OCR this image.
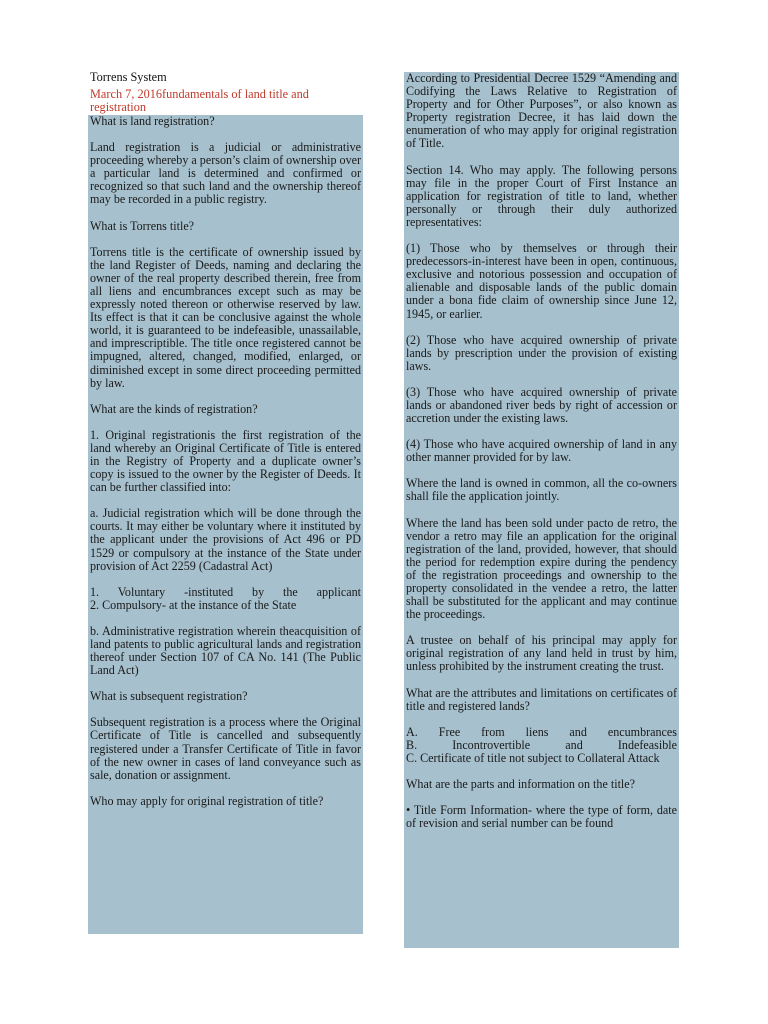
Torrens System

March 7, 2016fundamentals of land title and registration

What is land registration?

Land registration is a judicial or administrative proceeding whereby a person’s claim of ownership over a particular land is determined and confirmed or recognized so that such land and the ownership thereof may be recorded in a public registry.

What is Torrens title?

Torrens title is the certificate of ownership issued by the land Register of Deeds, naming and declaring the owner of the real property described therein, free from all liens and encumbrances except such as may be expressly noted thereon or otherwise reserved by law. Its effect is that it can be conclusive against the whole world, it is guaranteed to be indefeasible, unassailable, and imprescriptible. The title once registered cannot be impugned, altered, changed, modified, enlarged, or diminished except in some direct proceeding permitted by law.

What are the kinds of registration?

1. Original registrationis the first registration of the land whereby an Original Certificate of Title is entered in the Registry of Property and a duplicate owner’s copy is issued to the owner by the Register of Deeds. It can be further classified into:

a. Judicial registration which will be done through the courts. It may either be voluntary where it instituted by the applicant under the provisions of Act 496 or PD 1529 or compulsory at the instance of the State under provision of Act 2259 (Cadastral Act)

1. Voluntary -instituted by the applicant

2. Compulsory- at the instance of the State

b. Administrative registration wherein theacquisition of land patents to public agricultural lands and registration thereof under Section 107 of CA No. 141 (The Public Land Act)

What is subsequent registration?

Subsequent registration is a process where the Original Certificate of Title is cancelled and subsequently registered under a Transfer Certificate of Title in favor of the new owner in cases of land conveyance such as sale, donation or assignment.

Who may apply for original registration of title?

According to Presidential Decree 1529 “Amending and Codifying the Laws Relative to Registration of Property and for Other Purposes”, or also known as Property registration Decree, it has laid down the enumeration of who may apply for original registration of Title.

Section 14. Who may apply. The following persons may file in the proper Court of First Instance an application for registration of title to land, whether personally or through their duly authorized representatives:

(1) Those who by themselves or through their predecessors-in-interest have been in open, continuous, exclusive and notorious possession and occupation of alienable and disposable lands of the public domain under a bona fide claim of ownership since June 12, 1945, or earlier.

(2) Those who have acquired ownership of private lands by prescription under the provision of existing laws.

(3) Those who have acquired ownership of private lands or abandoned river beds by right of accession or accretion under the existing laws.

(4) Those who have acquired ownership of land in any other manner provided for by law.

Where the land is owned in common, all the co-owners shall file the application jointly.

Where the land has been sold under pacto de retro, the vendor a retro may file an application for the original registration of the land, provided, however, that should the period for redemption expire during the pendency of the registration proceedings and ownership to the property consolidated in the vendee a retro, the latter shall be substituted for the applicant and may continue the proceedings.

A trustee on behalf of his principal may apply for original registration of any land held in trust by him, unless prohibited by the instrument creating the trust.

What are the attributes and limitations on certificates of title and registered lands?

A. Free from liens and encumbrances

B. Incontrovertible and Indefeasible

C. Certificate of title not subject to Collateral Attack

What are the parts and information on the title?

• Title Form Information- where the type of form, date of revision and serial number can be found
